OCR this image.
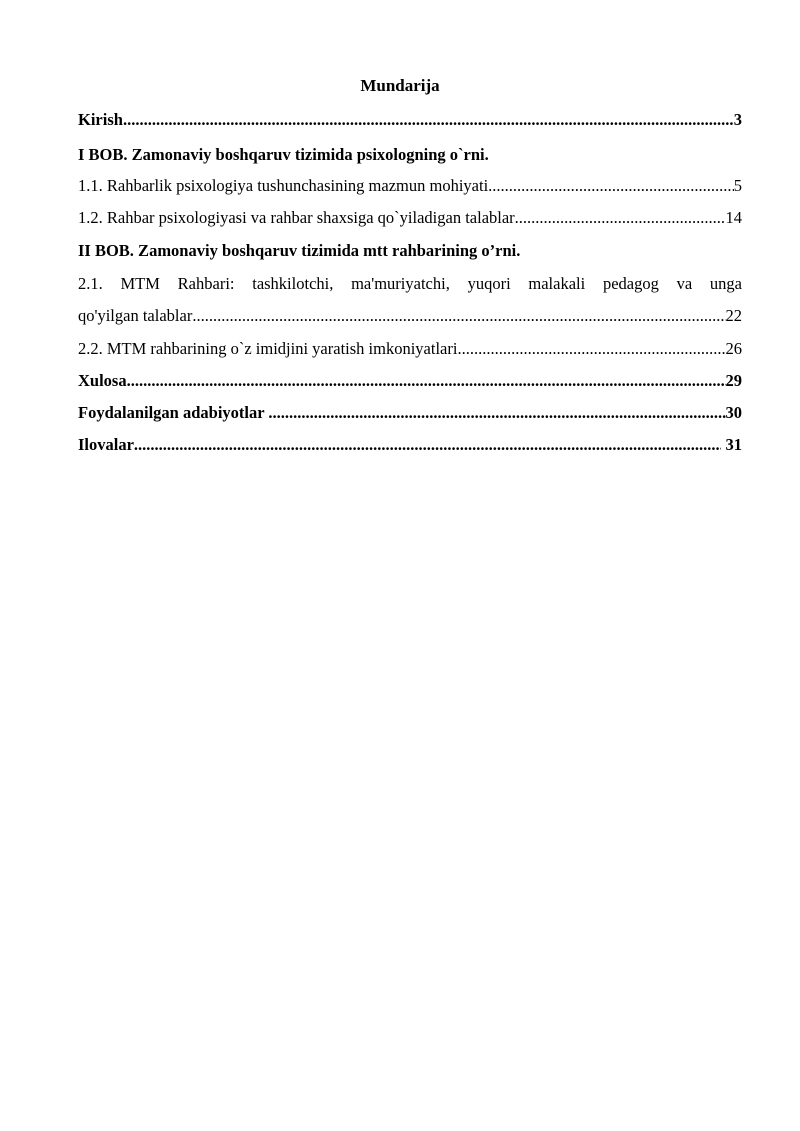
Mundarija
Kirish .....	3
I BOB. Zamonaviy boshqaruv tizimida psixologning o`rni.
1.1. Rahbarlik psixologiya tushunchasining mazmun mohiyati .....	5
1.2. Rahbar psixologiyasi va rahbar shaxsiga qo`yiladigan talablar .....	14
II BOB. Zamonaviy boshqaruv tizimida mtt rahbarining o’rni.
2.1. MTM Rahbari: tashkilotchi, ma'muriyatchi, yuqori malakali pedagog va unga
qo'yilgan talablar .....	22
2.2. MTM rahbarining o`z imidjini yaratish imkoniyatlari .....	26
Xulosa .....	29
Foydalanilgan adabiyotlar .....	30
Ilovalar .....	31
